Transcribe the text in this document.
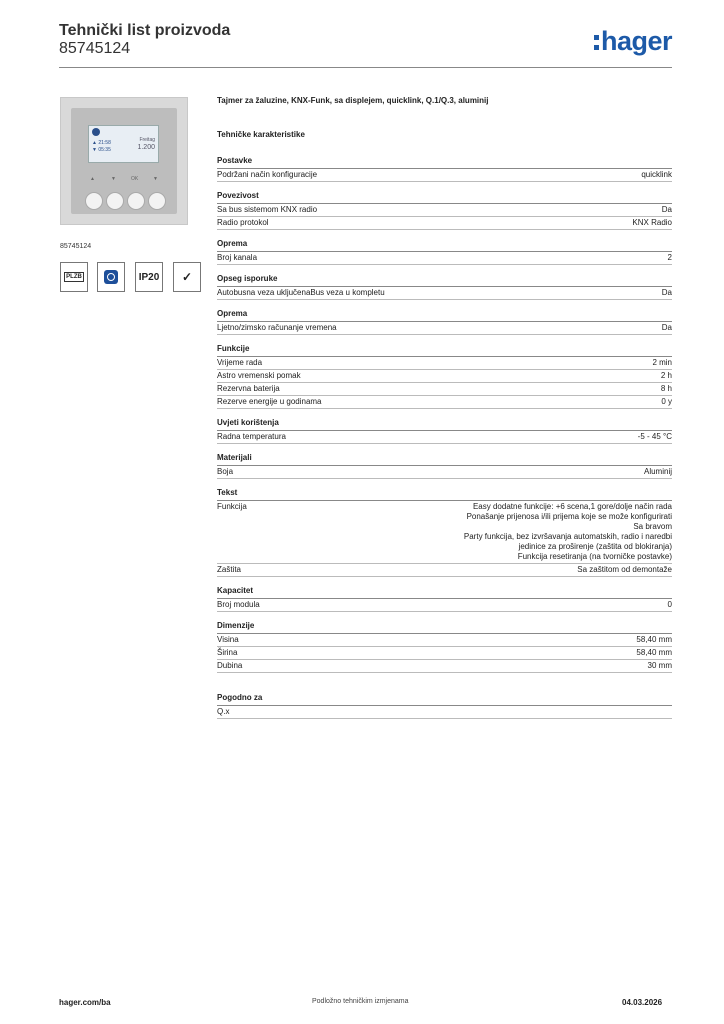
Tehnički list proizvoda
85745124	hager
▲ 21:58
▼ 05:35
Freitag
1.200
▲	▼	OK	▼
85745124
PLZB	IP20	✓
Tajmer za žaluzine, KNX-Funk, sa displejem, quicklink, Q.1/Q.3, aluminij
Tehničke karakteristike
Postavke
Podržani način konfiguracije	quicklink
Povezivost
Sa bus sistemom KNX radio	Da
Radio protokol	KNX Radio
Oprema
Broj kanala	2
Opseg isporuke
Autobusna veza uključenaBus veza u kompletu	Da
Oprema
Ljetno/zimsko računanje vremena	Da
Funkcije
Vrijeme rada	2 min
Astro vremenski pomak	2 h
Rezervna baterija	8 h
Rezerve energije u godinama	0 y
Uvjeti korištenja
Radna temperatura	-5 - 45 °C
Materijali
Boja	Aluminij
Tekst
Funkcija	Easy dodatne funkcije: +6 scena,1 gore/dolje način rada
Ponašanje prijenosa i/ili prijema koje se može konfigurirati
Sa bravom
Party funkcija, bez izvršavanja automatskih, radio i naredbi
jedinice za proširenje (zaštita od blokiranja)
Funkcija resetiranja (na tvorničke postavke)
Zaštita	Sa zaštitom od demontaže
Kapacitet
Broj modula	0
Dimenzije
Visina	58,40 mm
Širina	58,40 mm
Dubina	30 mm
Pogodno za
Q.x
hager.com/ba	Podložno tehničkim izmjenama	04.03.2026
